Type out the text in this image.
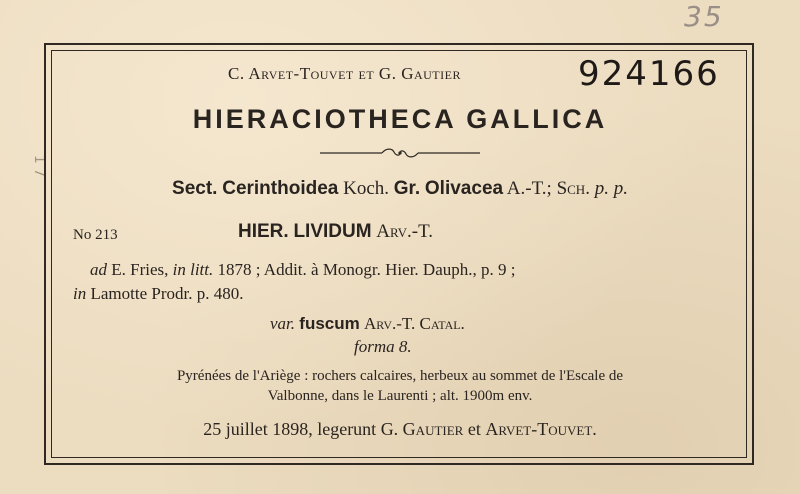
35
1 7
C. Arvet-Touvet et G. Gautier	924166
HIERACIOTHECA GALLICA
Sect. Cerinthoidea Koch. Gr. Olivacea A.-T.; Sch. p. p.
No 213	HIER. LIVIDUM Arv.-T.
ad E. Fries, in litt. 1878 ; Addit. à Monogr. Hier. Dauph., p. 9 ;
in Lamotte Prodr. p. 480.
var. fuscum Arv.-T. Catal.
forma 8.
Pyrénées de l'Ariège : rochers calcaires, herbeux au sommet de l'Escale de
Valbonne, dans le Laurenti ; alt. 1900m env.
25 juillet 1898, legerunt G. Gautier et Arvet-Touvet.
